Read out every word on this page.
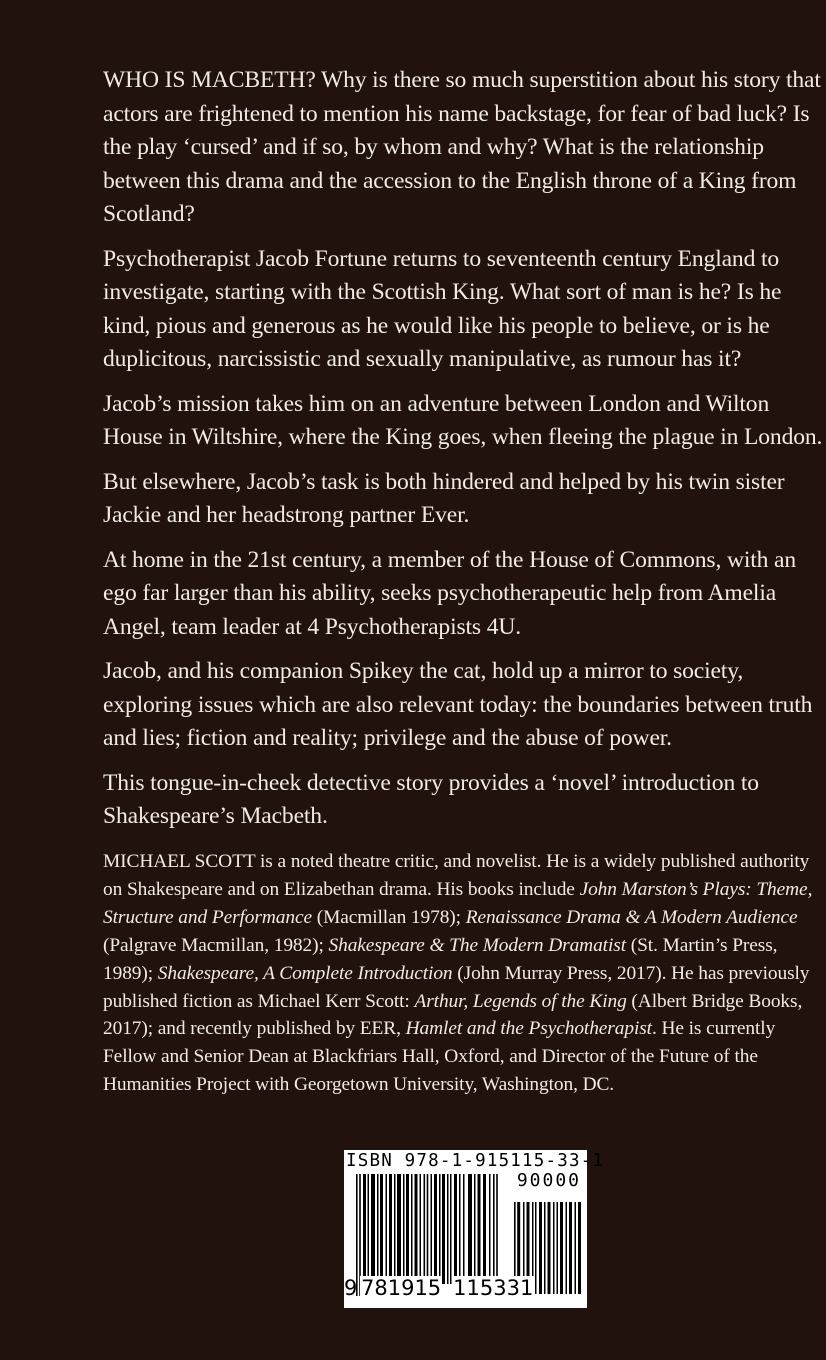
WHO IS MACBETH? Why is there so much superstition about his story that actors are frightened to mention his name backstage, for fear of bad luck? Is the play ‘cursed’ and if so, by whom and why? What is the relationship between this drama and the accession to the English throne of a King from Scotland?

Psychotherapist Jacob Fortune returns to seventeenth century England to investigate, starting with the Scottish King. What sort of man is he? Is he kind, pious and generous as he would like his people to believe, or is he duplicitous, narcissistic and sexually manipulative, as rumour has it?

Jacob’s mission takes him on an adventure between London and Wilton House in Wiltshire, where the King goes, when fleeing the plague in London.

But elsewhere, Jacob’s task is both hindered and helped by his twin sister Jackie and her headstrong partner Ever.

At home in the 21st century, a member of the House of Commons, with an ego far larger than his ability, seeks psychotherapeutic help from Amelia Angel, team leader at 4 Psychotherapists 4U.

Jacob, and his companion Spikey the cat, hold up a mirror to society, exploring issues which are also relevant today: the boundaries between truth and lies; fiction and reality; privilege and the abuse of power.

This tongue-in-cheek detective story provides a ‘novel’ introduction to Shakespeare’s Macbeth.

MICHAEL SCOTT is a noted theatre critic, and novelist. He is a widely published authority on Shakespeare and on Elizabethan drama. His books include John Marston’s Plays: Theme, Structure and Performance (Macmillan 1978); Renaissance Drama & A Modern Audience (Palgrave Macmillan, 1982); Shakespeare & The Modern Dramatist (St. Martin’s Press, 1989); Shakespeare, A Complete Introduction (John Murray Press, 2017). He has previously published fiction as Michael Kerr Scott: Arthur, Legends of the King (Albert Bridge Books, 2017); and recently published by EER, Hamlet and the Psychotherapist. He is currently Fellow and Senior Dean at Blackfriars Hall, Oxford, and Director of the Future of the Humanities Project with Georgetown University, Washington, DC.

ISBN 978-1-915115-33-1
90000
9 781915 115331
